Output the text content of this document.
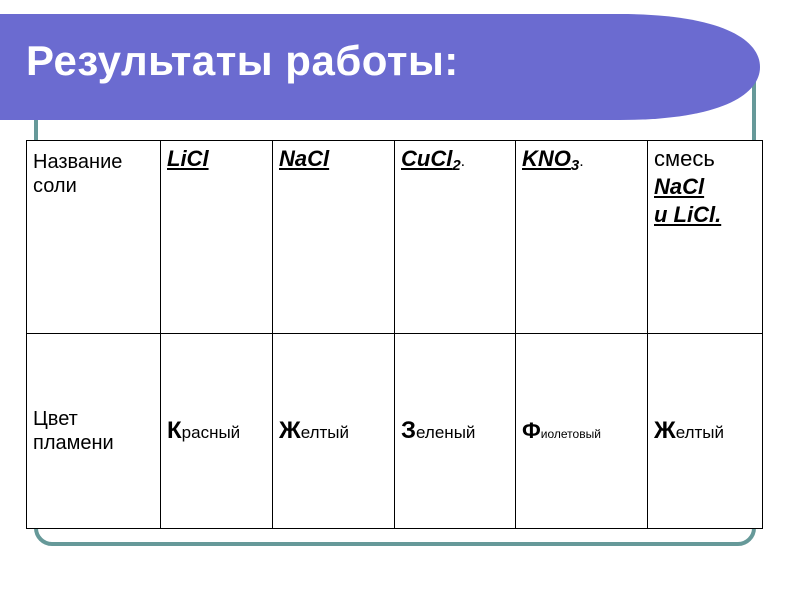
Результаты работы:
Название соли	LiCl	NaCl	CuCl$_2$.	$KNO_3$.	смесь
NaCl
и LiCl.

Цвет пламени	Красный	Желтый	Зеленый	Фиолетовый	Желтый
